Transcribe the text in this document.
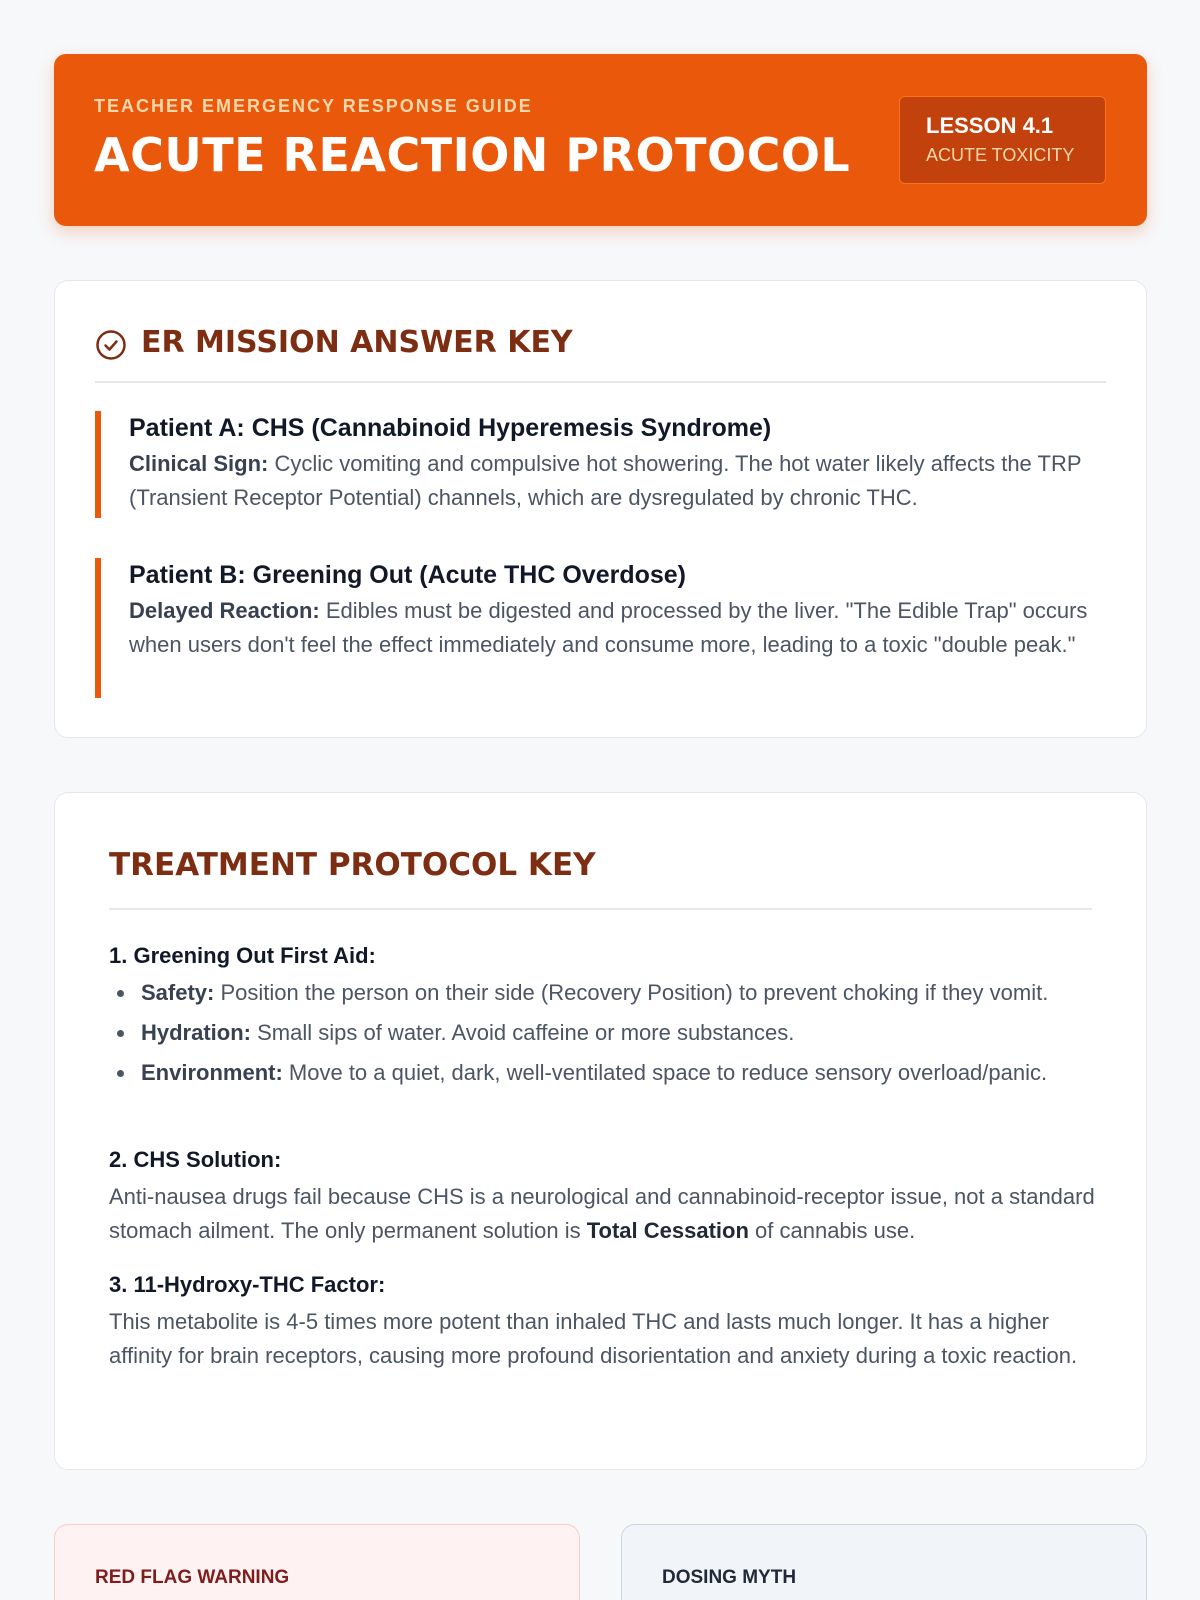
TEACHER EMERGENCY RESPONSE GUIDE
ACUTE REACTION PROTOCOL
LESSON 4.1
ACUTE TOXICITY
ER MISSION ANSWER KEY
Patient A: CHS (Cannabinoid Hyperemesis Syndrome)
Clinical Sign: Cyclic vomiting and compulsive hot showering. The hot water likely affects the TRP (Transient Receptor Potential) channels, which are dysregulated by chronic THC.
Patient B: Greening Out (Acute THC Overdose)
Delayed Reaction: Edibles must be digested and processed by the liver. "The Edible Trap" occurs when users don't feel the effect immediately and consume more, leading to a toxic "double peak."
TREATMENT PROTOCOL KEY
1. Greening Out First Aid:
Safety: Position the person on their side (Recovery Position) to prevent choking if they vomit.
Hydration: Small sips of water. Avoid caffeine or more substances.
Environment: Move to a quiet, dark, well-ventilated space to reduce sensory overload/panic.
2. CHS Solution:
Anti-nausea drugs fail because CHS is a neurological and cannabinoid-receptor issue, not a standard stomach ailment. The only permanent solution is Total Cessation of cannabis use.
3. 11-Hydroxy-THC Factor:
This metabolite is 4-5 times more potent than inhaled THC and lasts much longer. It has a higher affinity for brain receptors, causing more profound disorientation and anxiety during a toxic reaction.
RED FLAG WARNING	DOSING MYTH
